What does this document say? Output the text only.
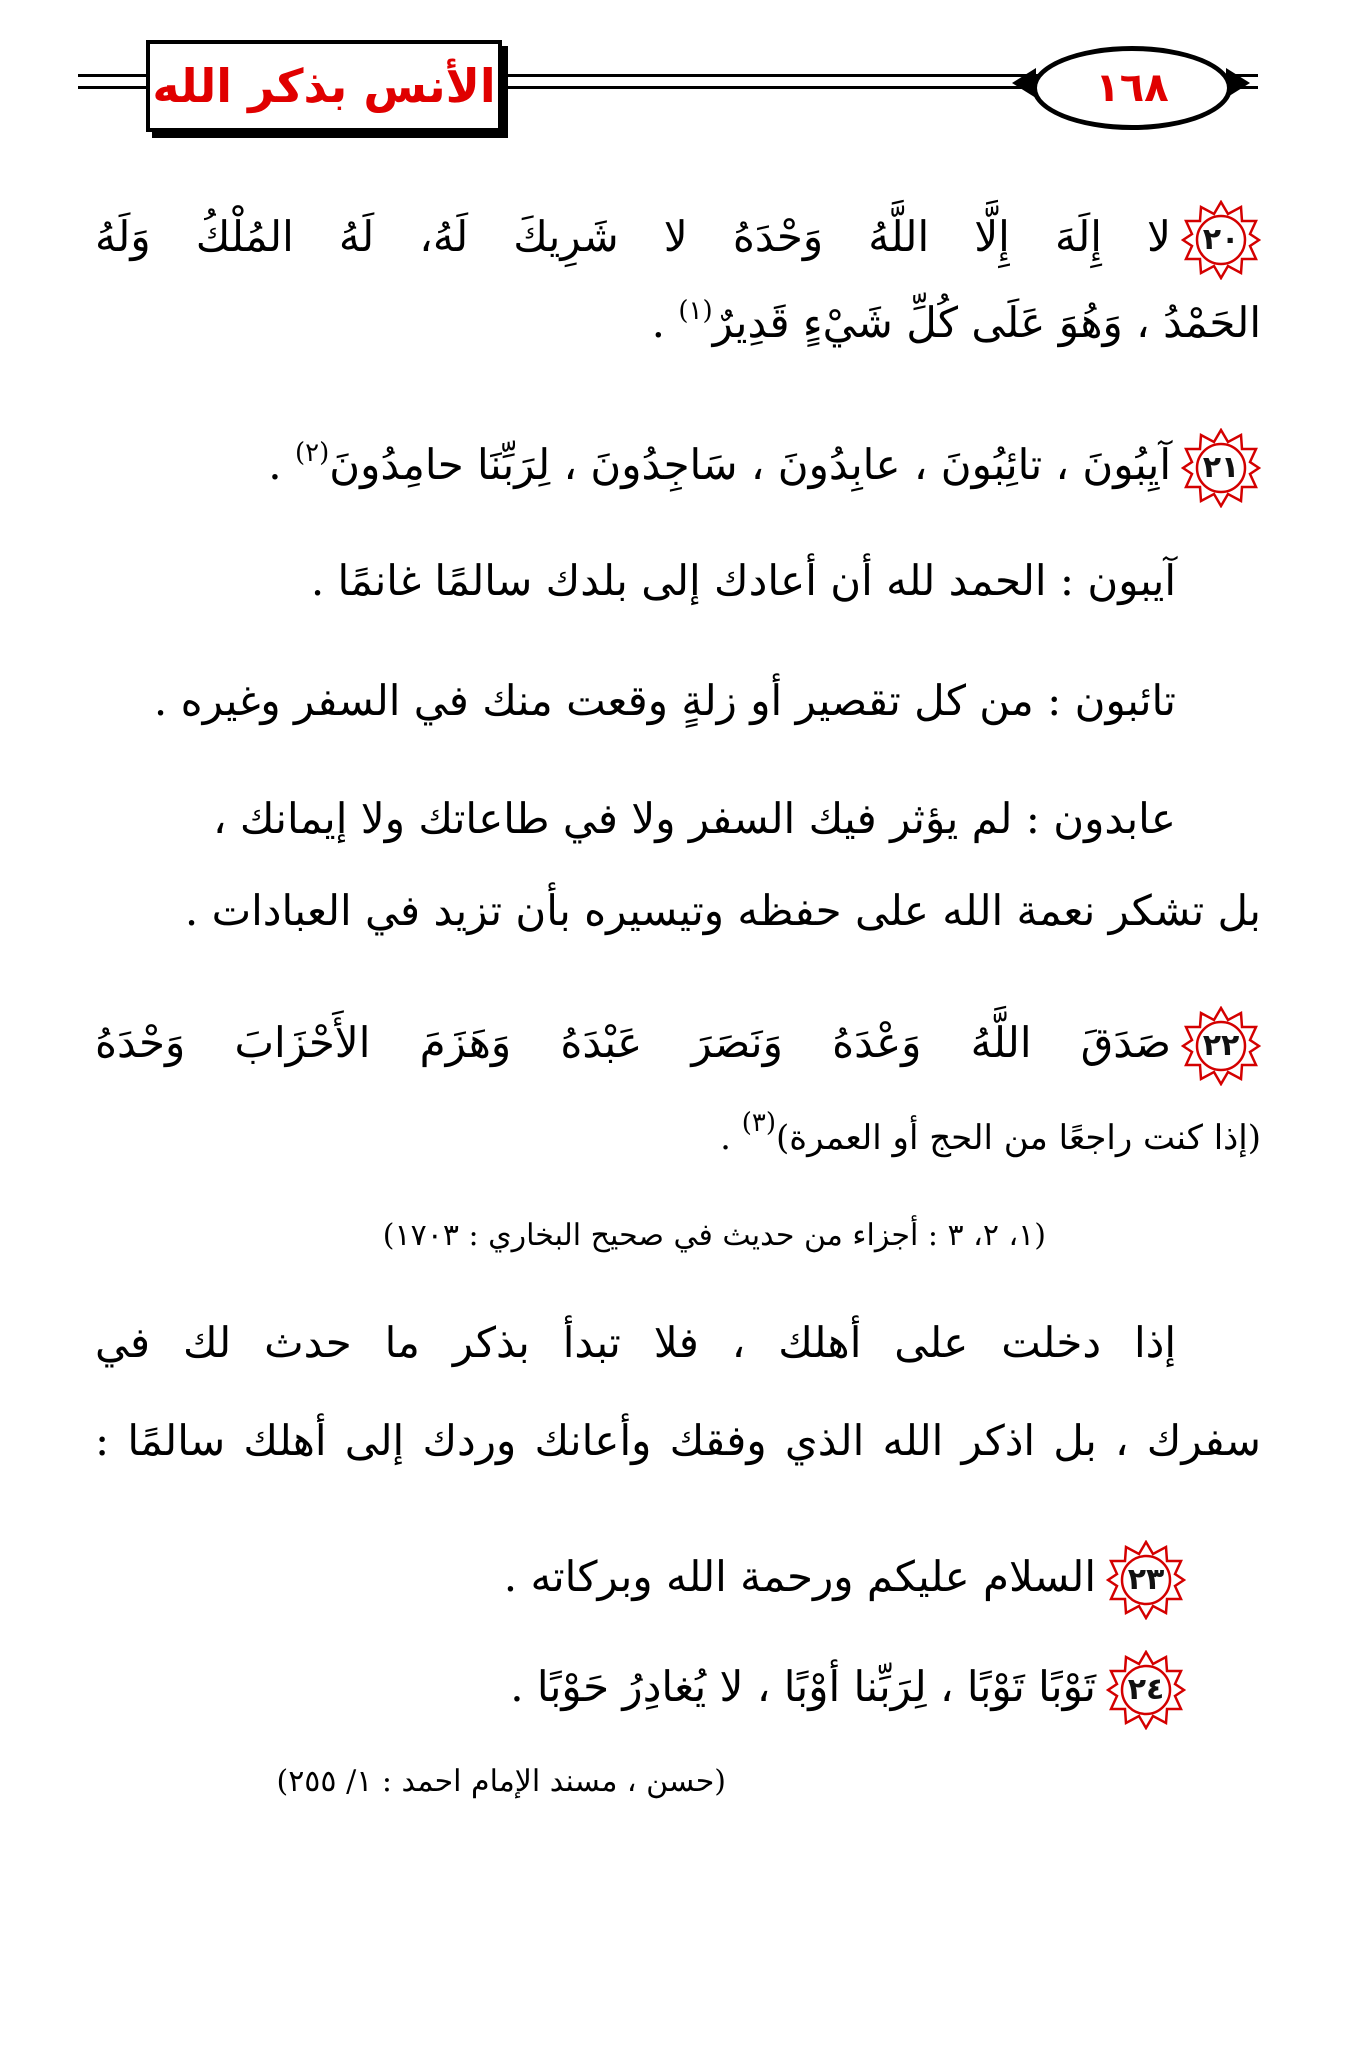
الأنس بذكر الله	١٦٨
٢٠
لا إِلَهَ إِلَّا اللَّهُ وَحْدَهُ لا شَرِيكَ لَهُ، لَهُ المُلْكُ وَلَهُ
الحَمْدُ ، وَهُوَ عَلَى كُلِّ شَيْءٍ قَدِيرٌ$^{(١)}$ .
٢١
آيِبُونَ ، تائِبُونَ ، عابِدُونَ ، سَاجِدُونَ ، لِرَبِّنَا حامِدُونَ$^{(٢)}$ .
آيبون : الحمد لله أن أعادك إلى بلدك سالمًا غانمًا .
تائبون : من كل تقصير أو زلةٍ وقعت منك في السفر وغيره .
عابدون : لم يؤثر فيك السفر ولا في طاعاتك ولا إيمانك ،
بل تشكر نعمة الله على حفظه وتيسيره بأن تزيد في العبادات .
٢٢
صَدَقَ اللَّهُ وَعْدَهُ وَنَصَرَ عَبْدَهُ وَهَزَمَ الأَحْزَابَ وَحْدَهُ
(إذا كنت راجعًا من الحج أو العمرة)$^{(٣)}$ .
(١، ٢، ٣ : أجزاء من حديث في صحيح البخاري : ١٧٠٣)
إذا دخلت على أهلك ، فلا تبدأ بذكر ما حدث لك في
سفرك ، بل اذكر الله الذي وفقك وأعانك وردك إلى أهلك سالمًا :
٢٣
السلام عليكم ورحمة الله وبركاته .
٢٤
تَوْبًا تَوْبًا ، لِرَبِّنا أوْبًا ، لا يُغادِرُ حَوْبًا .
(حسن ، مسند الإمام احمد : ١/ ٢٥٥)
